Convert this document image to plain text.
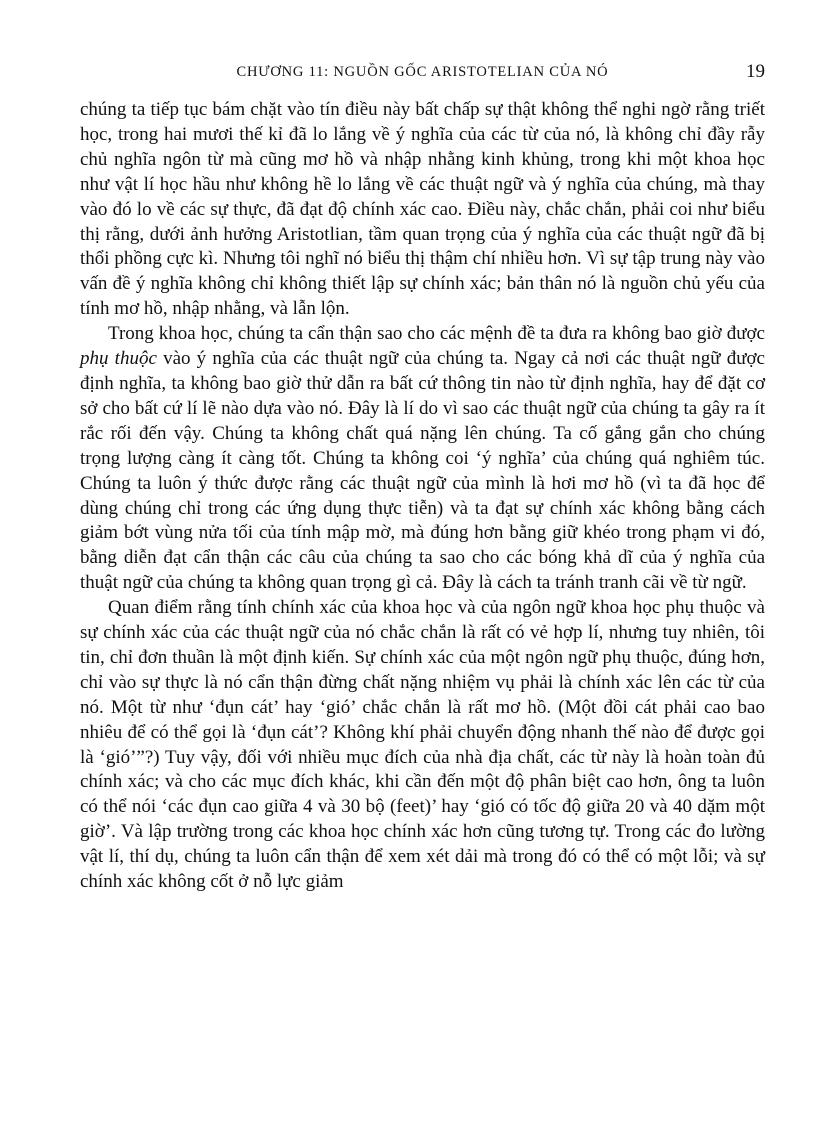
CHƯƠNG 11: NGUỒN GỐC ARISTOTELIAN CỦA NÓ	19

chúng ta tiếp tục bám chặt vào tín điều này bất chấp sự thật không thể nghi ngờ rằng triết học, trong hai mươi thế kỉ đã lo lắng về ý nghĩa của các từ của nó, là không chỉ đầy rẫy chủ nghĩa ngôn từ mà cũng mơ hồ và nhập nhằng kinh khủng, trong khi một khoa học như vật lí học hầu như không hề lo lắng về các thuật ngữ và ý nghĩa của chúng, mà thay vào đó lo về các sự thực, đã đạt độ chính xác cao. Điều này, chắc chắn, phải coi như biểu thị rằng, dưới ảnh hưởng Aristotlian, tầm quan trọng của ý nghĩa của các thuật ngữ đã bị thổi phồng cực kì. Nhưng tôi nghĩ nó biểu thị thậm chí nhiều hơn. Vì sự tập trung này vào vấn đề ý nghĩa không chỉ không thiết lập sự chính xác; bản thân nó là nguồn chủ yếu của tính mơ hồ, nhập nhằng, và lẫn lộn.

Trong khoa học, chúng ta cẩn thận sao cho các mệnh đề ta đưa ra không bao giờ được phụ thuộc vào ý nghĩa của các thuật ngữ của chúng ta. Ngay cả nơi các thuật ngữ được định nghĩa, ta không bao giờ thử dẫn ra bất cứ thông tin nào từ định nghĩa, hay để đặt cơ sở cho bất cứ lí lẽ nào dựa vào nó. Đây là lí do vì sao các thuật ngữ của chúng ta gây ra ít rắc rối đến vậy. Chúng ta không chất quá nặng lên chúng. Ta cố gắng gắn cho chúng trọng lượng càng ít càng tốt. Chúng ta không coi ‘ý nghĩa’ của chúng quá nghiêm túc. Chúng ta luôn ý thức được rằng các thuật ngữ của mình là hơi mơ hồ (vì ta đã học để dùng chúng chỉ trong các ứng dụng thực tiễn) và ta đạt sự chính xác không bằng cách giảm bớt vùng nửa tối của tính mập mờ, mà đúng hơn bằng giữ khéo trong phạm vi đó, bằng diễn đạt cẩn thận các câu của chúng ta sao cho các bóng khả dĩ của ý nghĩa của thuật ngữ của chúng ta không quan trọng gì cả. Đây là cách ta tránh tranh cãi về từ ngữ.

Quan điểm rằng tính chính xác của khoa học và của ngôn ngữ khoa học phụ thuộc và sự chính xác của các thuật ngữ của nó chắc chắn là rất có vẻ hợp lí, nhưng tuy nhiên, tôi tin, chỉ đơn thuần là một định kiến. Sự chính xác của một ngôn ngữ phụ thuộc, đúng hơn, chỉ vào sự thực là nó cẩn thận đừng chất nặng nhiệm vụ phải là chính xác lên các từ của nó. Một từ như ‘đụn cát’ hay ‘gió’ chắc chắn là rất mơ hồ. (Một đồi cát phải cao bao nhiêu để có thể gọi là ‘đụn cát’? Không khí phải chuyển động nhanh thế nào để được gọi là ‘gió’”?) Tuy vậy, đối với nhiều mục đích của nhà địa chất, các từ này là hoàn toàn đủ chính xác; và cho các mục đích khác, khi cần đến một độ phân biệt cao hơn, ông ta luôn có thể nói ‘các đụn cao giữa 4 và 30 bộ (feet)’ hay ‘gió có tốc độ giữa 20 và 40 dặm một giờ’. Và lập trường trong các khoa học chính xác hơn cũng tương tự. Trong các đo lường vật lí, thí dụ, chúng ta luôn cẩn thận để xem xét dải mà trong đó có thể có một lỗi; và sự chính xác không cốt ở nỗ lực giảm
